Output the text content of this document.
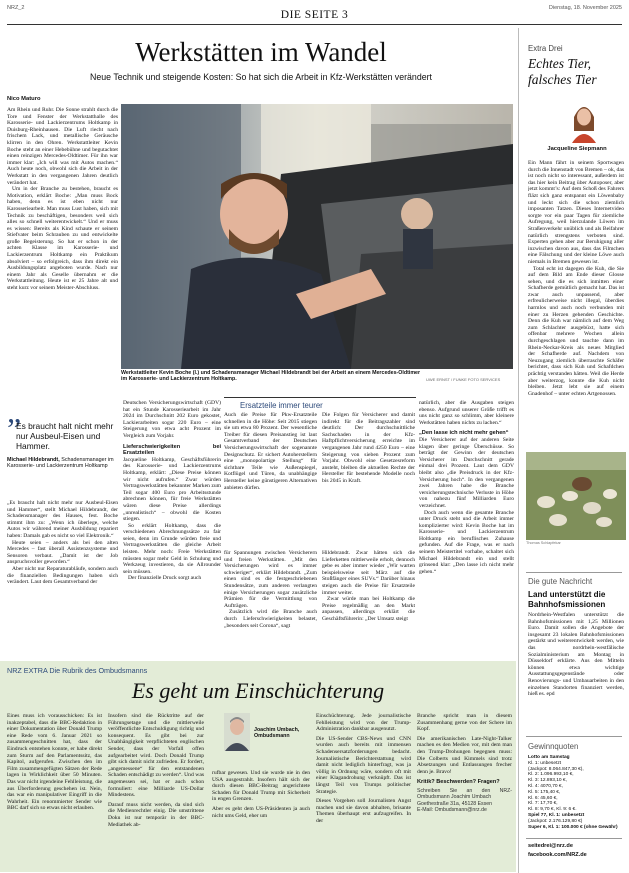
NRZ_2
DIE SEITE 3
Dienstag, 18. November 2025
Werkstätten im Wandel
Neue Technik und steigende Kosten: So hat sich die Arbeit in Kfz-Werkstätten verändert
Nico Maturo

Am Rhein und Ruhr. Die Sonne strahlt durch die Tore und Fenster der Werkstatthalle des Karosserie- und Lackierzentrums Holtkamp in Duisburg-Rheinhausen. Die Luft riecht nach frischem Lack, und metallische Geräusche klirren in den Ohren. Werkstattleiter Kevin Boche steht an einer Hebebühne und begutachtet einen reinzigen Mercedes-Oldtimer. Für ihn war immer klar: „Ich will was mit Autos machen.“ Auch heute noch, obwohl sich die Arbeit in der Werkstatt in den vergangenen Jahren deutlich verändert hat.

Um in der Branche zu bestehen, braucht es Motivation, erklärt Boche: „Man muss Bock haben, denn es ist eben nicht nur Karosseriearbeit. Man muss Lust haben, sich mit Technik zu beschäftigen, besonders weil sich alles so schnell weiterentwickelt.“ Und er muss es wissen: Bereits als Kind schaute er seinem Stiefvater beim Schrauben zu und entwickelte große Begeisterung. So hat er schon in der achten Klasse im Karosserie- und Lackierzentrum Holtkamp ein Praktikum absolviert – so erfolgreich, dass ihm direkt ein Ausbildungsplatz angeboten wurde. Nach nur einem Jahr als Geselle übernahm er die Werkstattleitung. Heute ist er 25 Jahre alt und steht kurz vor seinem Meister-Abschluss.

Werkstattleiter Kevin Boche (l.) und Schadensmanager Michael Hildebrandt bei der Arbeit an einem Mercedes-Oldtimer im Karosserie- und Lackierzentrum Holtkamp.	UWE ERNST / FUNKE FOTO SERVICES
”
Es braucht halt nicht mehr nur Ausbeul-Eisen und Hammer.
Michael Hildebrandt, Schadensmanager im Karosserie- und Lackierzentrum Holtkamp

„Es braucht halt nicht mehr nur Ausbeul-Eisen und Hammer“, stellt Michael Hildebrandt, der Schadensmanager des Hauses, fest. Boche stimmt ihm zu: „Wenn ich überlege, welche Autos wir während meiner Ausbildung repariert haben: Damals gab es nicht so viel Elektronik.“

Heute seien – anders als bei den alten Mercedes – fast überall Assistenzsysteme und Sensoren verbaut. „Damit ist der Job anspruchsvoller geworden.“

Aber nicht nur Reparaturabläufe, sondern auch die finanziellen Bedingungen haben sich verändert. Laut dem Gesamtverband der

Deutschen Versicherungswirtschaft (GDV) hat ein Stunde Karosseriearbeit im Jahr 2024 im Durchschnitt 202 Euro gekostet, Lackierarbeiten sogar 220 Euro – eine Steigerung von etwa acht Prozent im Vergleich zum Vorjahr.

Lieferschwierigkeiten bei Ersatzteilen

Jacqueline Holtkamp, Geschäftsführerin des Karosserie- und Lackierzentrums Holtkamp, erklärt: „Diese Preise können wir nicht aufrufen.“ Zwar würden Vertragswerkstätten bekannter Marken zum Teil sogar 400 Euro pro Arbeitsstunde abrechnen können, für freie Werkstätten wären diese Preise allerdings „unrealistisch“ – obwohl die Kosten stiegen.

So erklärt Holtkamp, dass die verschiedenen Abrechnungssätze zu fair seien, denn im Grunde würden freie und Vertragswerkstätten die gleiche Arbeit leisten. Mehr noch: Freie Werkstätten müssten sogar mehr Geld in Schulung und Werkzeug investieren, da sie Allrounder sein müssen.

Der finanzielle Druck sorgt auch

Ersatzteile immer teurer

Auch die Preise für Pkw-Ersatzteile schnellen in die Höhe: Seit 2015 stiegen sie um etwa 80 Prozent. Der wesentliche Treiber für diesen Preisanstieg ist laut Gesamtverband der Deutschen Versicherungswirtschaft der sogenannte Designschutz. Er sichert Autoherstellern eine „monopolartige Stellung“ für sichtbare Teile wie Außenspiegel, Kotflügel und Türen, da unabhängige Hersteller keine günstigeren Alternativen anbieten dürfen.

Die Folgen für Versicherer und damit indirekt für die Beitragszahler sind deutlich: Der durchschnittliche Sachschaden in der Kfz-Haftpflichtversicherung erreichte im vergangenen Jahr rund 4250 Euro – eine Steigerung von sieben Prozent zum Vorjahr. Obwohl eine Gesetzesreform ansteht, bleiben die aktuellen Rechte der Hersteller für bestehende Modelle noch bis 2045 in Kraft.

für Spannungen zwischen Versicherern und freien Werkstätten. „Mit den Versicherungen wird es immer schwieriger“, erklärt Hildebrandt. „Zum einen sind es die festgeschriebenen Stundensätze, zum anderen verlangten einige Versicherungen sogar zusätzliche Prämien für die Vermittlung von Aufträgen.

Zusätzlich wird die Branche auch durch Lieferschwierigkeiten belastet, „besonders seit Corona“, sagt

Hildebrandt. Zwar hätten sich die Lieferketten mittlerweile erholt, dennoch gebe es aber immer wieder „Wir warten beispielsweise seit März auf die Stoßfänger eines SUVs.“ Darüber hinaus steigen auch die Preise für Ersatzteile immer weiter.

Zwar würde man bei Holtkamp die Preise regelmäßig an den Markt anpassen, allerdings erklärt die Geschäftsführerin: „Der Umsatz steigt

natürlich, aber die Ausgaben steigen ebenso. Aufgrund unserer Größe trifft es uns nicht ganz so schlimm, aber kleinere Werkstätten haben nichts zu lachen.“

„Den lasse ich nicht mehr gehen“

Die Versicherer auf der anderen Seite klagen über geringe Überschüsse. So beträgt der Gewinn der deutschen Versicherer im Durchschnitt gerade einmal drei Prozent. Laut dem GDV bleibt also „die Preisdruck in der Kfz-Versicherung hoch“. In den vergangenen zwei Jahren habe die Branche versicherungstechnische Verluste in Höhe von nahezu fünf Milliarden Euro verzeichnet.

Doch auch wenn die gesamte Branche unter Druck steht und die Arbeit immer komplizierter wird: Kevin Boche hat im Karosserie- und Lackierzentrum Holtkamp ein beruflisches Zuhause gefunden. Auf die Frage, was er nach seinem Meistertitel vorhabe, schaltet sich Michael Hildebrandt ein und stellt grinsend klar: „Den lasse ich nicht mehr gehen.“

Extra Drei
Echtes Tier, falsches Tier
Jacqueline Siepmann

Ein Mann fährt in seinem Sportwagen durch die Innenstadt von Bremen – ok, das ist noch nicht so interessant, außerdem ist das hier kein Beitrag über Autoposer, aber jetzt kommt’s: Auf dem Schoß des Fahrers fläzt sich ganz entspannt ein Löwenbaby und leckt sich die schon ziemlich imposanten Tatzen. Dieses Internetvideo sorgte vor ein paar Tagen für ziemliche Aufregung, weil hierzulande Löwen im Straßenverkehr unüblich und als Beifahrer natürlich strengstens verboten sind. Experten gehen aber zur Beruhigung aller inzwischen davon aus, dass das Filmchen eine Fälschung und der kleine Löwe auch niemals in Bremen gewesen ist.

Total echt ist dagegen die Kuh, die Sie auf dem Bild am Ende dieser Glosse sehen, und die es sich inmitten einer Schafherde gemütlich gemacht hat. Das ist zwar auch unpassend, aber erfreulicherweise nicht illegal, überdies harmlos und auch noch verbunden mit einer zu Herzen gehenden Geschichte. Denn die Kuh war nämlich auf dem Weg zum Schlachter ausgebüxt, hatte sich offenbar mehrere Wochen allein durchgeschlagen und tauchte dann im Rhein-Neckar-Kreis als neues Mitglied der Schafherde auf. Nachdem von Neuzugang ziemlich überraschte Schäfer berichtet, dass sich Kuh und Schafdchen prächtig verstanden hätten. Weil die Herde aber weiterzog, konnte die Kuh nicht bleiben. Jetzt lebt sie auf einem Gnadenhof – unter echten Artgenossen.

Thomas Schlapfekar
Die gute Nachricht
Land unterstützt die Bahnhofsmissionen
Nordrhein-Westfalen unterstützt die Bahnhofsmissionen mit 1,25 Millionen Euro. Damit sollen die Angebote der insgesamt 23 lokalen Bahnhofsmissionen gestärkt und weiterentwickelt werden, wie das nordrhein-westfälische Sozialministerium am Montag in Düsseldorf erklärte. Aus den Mitteln können etwa wichtige Ausstattungsgegenstände oder Renovierungs- und Umbauarbeiten in den einzelnen Standorten finanziert werden, hieß es. epd
Gewinnquoten
Lotto am Samstag
Kl. 1: unbesetzt
(Jackpot: 8.064.847,30 €),
Kl. 2: 1.096.993,10 €,
Kl. 3: 12.893,10 €,
Kl. 4: 4070,70 €,
Kl. 5: 175,40 €,
Kl. 6: 45,60 €,
Kl. 7: 17,70 €,
Kl. 8: 9,70 €, Kl. 9: 6 €.
Spiel 77, Kl. 1: unbesetzt
(Jackpot: 2.176.129,80 €)
Super 6, Kl. 1: 100.000 € (ohne Gewähr)
seitedrei@nrz.de
facebook.com/NRZ.de
NRZ EXTRA Die Rubrik des Ombudsmanns
Es geht um Einschüchterung
Eines muss ich vorausschicken: Es ist inakzeptabel, dass die BBC-Redaktion in einer Dokumentation über Donald Trump eine Rede vom 6. Januar 2021 so zusammengeschnitten hat, dass der Eindruck entstehen konnte, er habe direkt zum Sturm auf den Parlamentssitz, das Kapitol, aufgerufen. Zwischen den im Film zusammengefügten Sätzen der Rede lagen in Wirklichkeit über 50 Minuten. Das war nicht irgendeine Fehlleistung, die aus Überforderung geschehen ist. Nein, das war ein manipulativer Eingriff in die Wahrheit. Ein renommierter Sender wie BBC darf sich so etwas nicht erlauben.

Insofern sind die Rücktritte auf der Führungsetage und die mittlerweile veröffentlichte Entschuldigung richtig und konsequent. Es gibt bei zur Unabhängigkeit verpflichteten englischen Sender, dass der Vorfall offen aufgearbeitet wird. Doch Donald Trump gibt sich damit nicht zufrieden. Er fordert, „angemessene“ für den entstandenen Schaden entschädigt zu werden“. Und was angemessen sei, hat er auch schon formuliert: eine Milliarde US-Dollar Mindestens.

Darauf muss nicht werden, da sind sich die Medienrechtler einig. Die umstrittene Doku ist nur temporär in der BBC-Mediathek ab-

Joachim Umbach,
Ombudsmann

rufbar gewesen. Und sie wurde nie in den USA ausgestrahlt. Insofern hält sich der durch diesen BBC-Beitrag angerichtete Schaden für Donald Trump mit Sicherheit in engen Grenzen.

Aber es geht dem US-Präsidenten ja auch nicht ums Geld, eher um

Einschüchterung. Jede journalistische Fehlleistung wird von der Trump-Administration dankbar ausgenutzt.

Die US-Sender CBS-News und CNN wurden auch bereits mit immensen Schadensersatzforderungen bedacht. Journalistische Berichterstattung wird damit nicht lediglich hinterfragt, was ja völlig in Ordnung wäre, sondern oft mit einer Klagandrohung verknüpft. Das ist längst Teil von Trumps politischer Strategie.

Dieses Vorgehen soll Journalisten Angst machen und sie davon abhalten, brisante Themen überhaupt erst aufzugreifen. In der

Branche spricht man in diesem Zusammenhang gerne von der Schere im Kopf.

Die amerikanischen Late-Night-Talker machen es den Medien vor, mit dem man den Trump-Drohungen begegnen muss: Die Colberts und Kimmels sind trotz Absetzungen und Entlassungen frecher denn je. Bravo!

Kritik? Beschwerden? Fragen?
Schreiben Sie an den NRZ-Ombudsmann Joachim Umbach
Goethestraße 31a, 45128 Essen
E-Mail: Ombudsmann@nrz.de
